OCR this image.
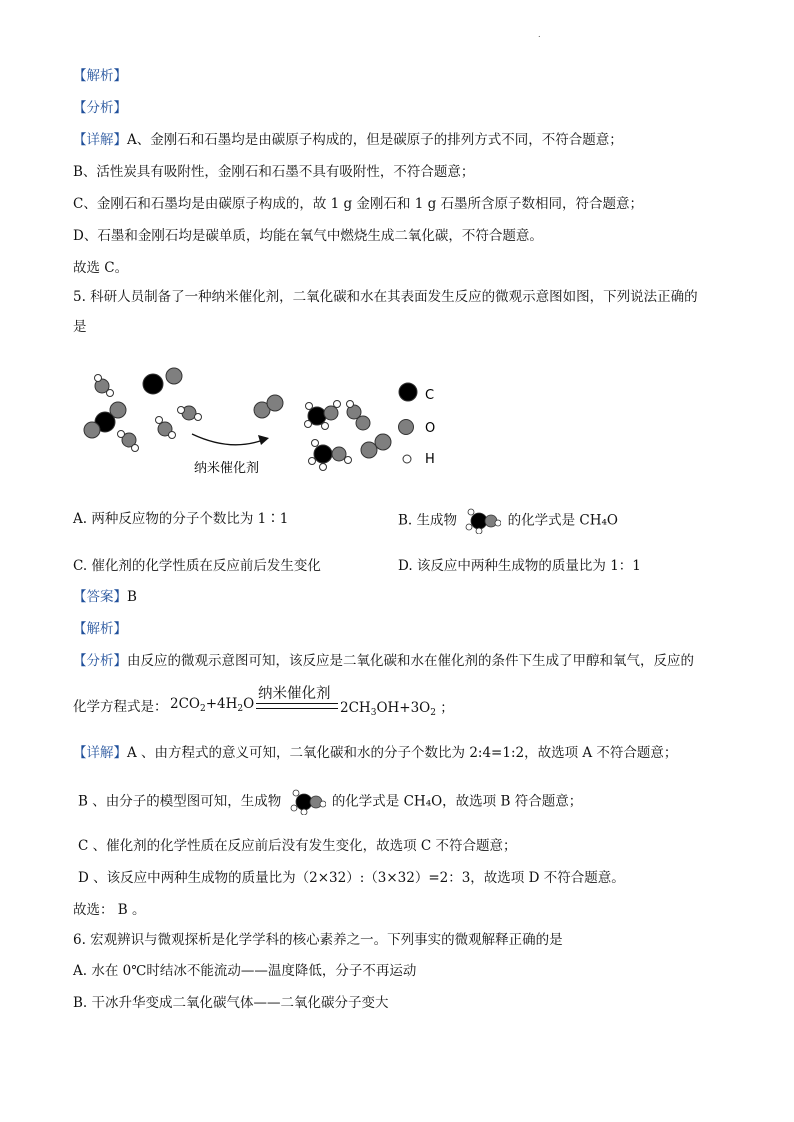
.
【解析】
【分析】
【详解】A、金刚石和石墨均是由碳原子构成的，但是碳原子的排列方式不同，不符合题意；
B、活性炭具有吸附性，金刚石和石墨不具有吸附性，不符合题意；
C、金刚石和石墨均是由碳原子构成的，故 1 g 金刚石和 1 g 石墨所含原子数相同，符合题意；
D、石墨和金刚石均是碳单质，均能在氧气中燃烧生成二氧化碳，不符合题意。
故选 C。
5. 科研人员制备了一种纳米催化剂，二氧化碳和水在其表面发生反应的微观示意图如图，下列说法正确的
是
纳米催化剂
C
O
H
A. 两种反应物的分子个数比为 1∶1	B. 生成物	的化学式是 CH₄O
C. 催化剂的化学性质在反应前后发生变化	D. 该反应中两种生成物的质量比为 1：1
【答案】B
【解析】
【分析】由反应的微观示意图可知，该反应是二氧化碳和水在催化剂的条件下生成了甲醇和氧气，反应的
化学方程式是： $2CO_2+4H_2O$
纳米催化剂
$2CH_3OH+3O_2$ ；
【详解】A 、由方程式的意义可知，二氧化碳和水的分子个数比为 2:4=1:2，故选项 A 不符合题意；
B 、由分子的模型图可知，生成物	的化学式是 CH₄O，故选项 B 符合题意；
C 、催化剂的化学性质在反应前后没有发生变化，故选项 C 不符合题意；
D 、该反应中两种生成物的质量比为（2×32）:（3×32）=2：3，故选项 D 不符合题意。
故选： B 。
6. 宏观辨识与微观探析是化学学科的核心素养之一。下列事实的微观解释正确的是
A. 水在 0℃时结冰不能流动——温度降低，分子不再运动
B. 干冰升华变成二氧化碳气体——二氧化碳分子变大
